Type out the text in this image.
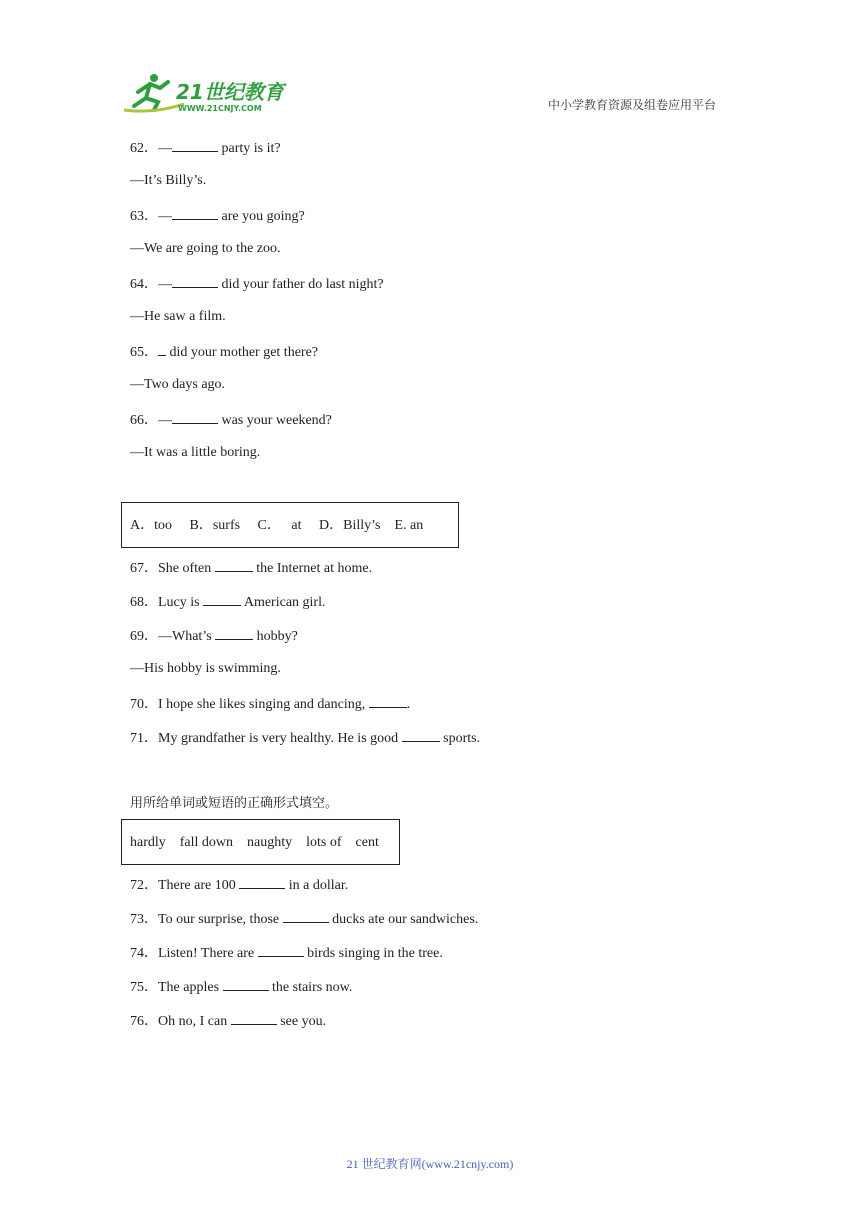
21世纪教育
WWW.21CNJY.COM	中小学教育资源及组卷应用平台
62．—	party is it?
—It’s Billy’s.
63．—	are you going?
—We are going to the zoo.
64．—	did your father do last night?
—He saw a film.
65． did your mother get there?
—Two days ago.
66．—	was your weekend?
—It was a little boring.
A．too     B．surfs     C．   at     D．Billy’s    E. an
67．She often	the Internet at home.
68．Lucy is	American girl.
69．—What’s	hobby?
—His hobby is swimming.
70．I hope she likes singing and dancing,	.
71．My grandfather is very healthy. He is good	sports.
用所给单词或短语的正确形式填空。
hardly    fall down    naughty    lots of    cent
72．There are 100	in a dollar.
73．To our surprise, those	ducks ate our sandwiches.
74．Listen! There are	birds singing in the tree.
75．The apples	the stairs now.
76．Oh no, I can	see you.
21 世纪教育网(www.21cnjy.com)
